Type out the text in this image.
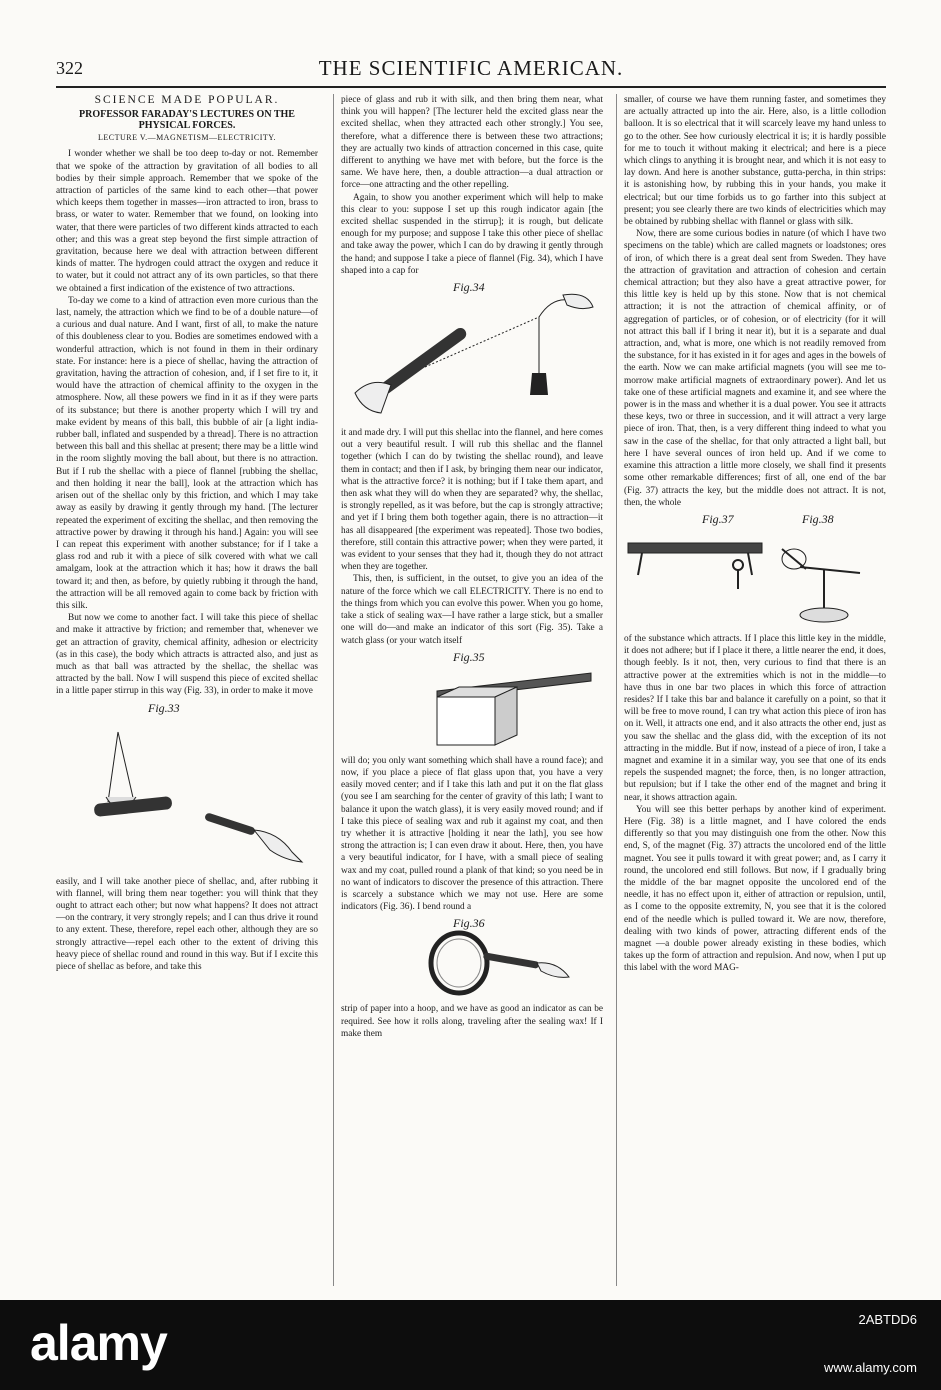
322	THE SCIENTIFIC AMERICAN.
SCIENCE MADE POPULAR.
PROFESSOR FARADAY'S LECTURES ON THE PHYSICAL FORCES.
LECTURE V.—MAGNETISM—ELECTRICITY.

I wonder whether we shall be too deep to-day or not. Remember that we spoke of the attraction by gravitation of all bodies to all bodies by their simple approach. Remember that we spoke of the attraction of particles of the same kind to each other—that power which keeps them together in masses—iron attracted to iron, brass to brass, or water to water. Remember that we found, on looking into water, that there were particles of two different kinds attracted to each other; and this was a great step beyond the first simple attraction of gravitation, because here we deal with attraction between different kinds of matter. The hydrogen could attract the oxygen and reduce it to water, but it could not attract any of its own particles, so that there we obtained a first indication of the existence of two attractions.

To-day we come to a kind of attraction even more curious than the last, namely, the attraction which we find to be of a double nature—of a curious and dual nature. And I want, first of all, to make the nature of this doubleness clear to you. Bodies are sometimes endowed with a wonderful attraction, which is not found in them in their ordinary state. For instance: here is a piece of shellac, having the attraction of gravitation, having the attraction of cohesion, and, if I set fire to it, it would have the attraction of chemical affinity to the oxygen in the atmosphere. Now, all these powers we find in it as if they were parts of its substance; but there is another property which I will try and make evident by means of this ball, this bubble of air [a light india-rubber ball, inflated and suspended by a thread]. There is no attraction between this ball and this shellac at present; there may be a little wind in the room slightly moving the ball about, but there is no attraction. But if I rub the shellac with a piece of flannel [rubbing the shellac, and then holding it near the ball], look at the attraction which has arisen out of the shellac only by this friction, and which I may take away as easily by drawing it gently through my hand. [The lecturer repeated the experiment of exciting the shellac, and then removing the attractive power by drawing it through his hand.] Again: you will see I can repeat this experiment with another substance; for if I take a glass rod and rub it with a piece of silk covered with what we call amalgam, look at the attraction which it has; how it draws the ball toward it; and then, as before, by quietly rubbing it through the hand, the attraction will be all removed again to come back by friction with this silk.

But now we come to another fact. I will take this piece of shellac and make it attractive by friction; and remember that, whenever we get an attraction of gravity, chemical affinity, adhesion or electricity (as in this case), the body which attracts is attracted also, and just as much as that ball was attracted by the shellac, the shellac was attracted by the ball. Now I will suspend this piece of excited shellac in a little paper stirrup in this way (Fig. 33), in order to make it move

Fig.33

easily, and I will take another piece of shellac, and, after rubbing it with flannel, will bring them near together: you will think that they ought to attract each other; but now what happens? It does not attract—on the contrary, it very strongly repels; and I can thus drive it round to any extent. These, therefore, repel each other, although they are so strongly attractive—repel each other to the extent of driving this heavy piece of shellac round and round in this way. But if I excite this piece of shellac as before, and take this

piece of glass and rub it with silk, and then bring them near, what think you will happen? [The lecturer held the excited glass near the excited shellac, when they attracted each other strongly.] You see, therefore, what a difference there is between these two attractions; they are actually two kinds of attraction concerned in this case, quite different to anything we have met with before, but the force is the same. We have here, then, a double attraction—a dual attraction or force—one attracting and the other repelling.

Again, to show you another experiment which will help to make this clear to you: suppose I set up this rough indicator again [the excited shellac suspended in the stirrup]; it is rough, but delicate enough for my purpose; and suppose I take this other piece of shellac and take away the power, which I can do by drawing it gently through the hand; and suppose I take a piece of flannel (Fig. 34), which I have shaped into a cap for

Fig.34

it and made dry. I will put this shellac into the flannel, and here comes out a very beautiful result. I will rub this shellac and the flannel together (which I can do by twisting the shellac round), and leave them in contact; and then if I ask, by bringing them near our indicator, what is the attractive force? it is nothing; but if I take them apart, and then ask what they will do when they are separated? why, the shellac, is strongly repelled, as it was before, but the cap is strongly attractive; and yet if I bring them both together again, there is no attraction—it has all disappeared [the experiment was repeated]. Those two bodies, therefore, still contain this attractive power; when they were parted, it was evident to your senses that they had it, though they do not attract when they are together.

This, then, is sufficient, in the outset, to give you an idea of the nature of the force which we call ELECTRICITY. There is no end to the things from which you can evolve this power. When you go home, take a stick of sealing wax—I have rather a large stick, but a smaller one will do—and make an indicator of this sort (Fig. 35). Take a watch glass (or your watch itself

Fig.35

will do; you only want something which shall have a round face); and now, if you place a piece of flat glass upon that, you have a very easily moved center; and if I take this lath and put it on the flat glass (you see I am searching for the center of gravity of this lath; I want to balance it upon the watch glass), it is very easily moved round; and if I take this piece of sealing wax and rub it against my coat, and then try whether it is attractive [holding it near the lath], you see how strong the attraction is; I can even draw it about. Here, then, you have a very beautiful indicator, for I have, with a small piece of sealing wax and my coat, pulled round a plank of that kind; so you need be in no want of indicators to discover the presence of this attraction. There is scarcely a substance which we may not use. Here are some indicators (Fig. 36). I bend round a

Fig.36

strip of paper into a hoop, and we have as good an indicator as can be required. See how it rolls along, traveling after the sealing wax! If I make them

smaller, of course we have them running faster, and sometimes they are actually attracted up into the air. Here, also, is a little collodion balloon. It is so electrical that it will scarcely leave my hand unless to go to the other. See how curiously electrical it is; it is hardly possible for me to touch it without making it electrical; and here is a piece which clings to anything it is brought near, and which it is not easy to lay down. And here is another substance, gutta-percha, in thin strips: it is astonishing how, by rubbing this in your hands, you make it electrical; but our time forbids us to go farther into this subject at present; you see clearly there are two kinds of electricities which may be obtained by rubbing shellac with flannel or glass with silk.

Now, there are some curious bodies in nature (of which I have two specimens on the table) which are called magnets or loadstones; ores of iron, of which there is a great deal sent from Sweden. They have the attraction of gravitation and attraction of cohesion and certain chemical attraction; but they also have a great attractive power, for this little key is held up by this stone. Now that is not chemical attraction; it is not the attraction of chemical affinity, or of aggregation of particles, or of cohesion, or of electricity (for it will not attract this ball if I bring it near it), but it is a separate and dual attraction, and, what is more, one which is not readily removed from the substance, for it has existed in it for ages and ages in the bowels of the earth. Now we can make artificial magnets (you will see me to-morrow make artificial magnets of extraordinary power). And let us take one of these artificial magnets and examine it, and see where the power is in the mass and whether it is a dual power. You see it attracts these keys, two or three in succession, and it will attract a very large piece of iron. That, then, is a very different thing indeed to what you saw in the case of the shellac, for that only attracted a light ball, but here I have several ounces of iron held up. And if we come to examine this attraction a little more closely, we shall find it presents some other remarkable differences; first of all, one end of the bar (Fig. 37) attracts the key, but the middle does not attract. It is not, then, the whole

Fig.37	Fig.38

of the substance which attracts. If I place this little key in the middle, it does not adhere; but if I place it there, a little nearer the end, it does, though feebly. Is it not, then, very curious to find that there is an attractive power at the extremities which is not in the middle—to have thus in one bar two places in which this force of attraction resides? If I take this bar and balance it carefully on a point, so that it will be free to move round, I can try what action this piece of iron has on it. Well, it attracts one end, and it also attracts the other end, just as you saw the shellac and the glass did, with the exception of its not attracting in the middle. But if now, instead of a piece of iron, I take a magnet and examine it in a similar way, you see that one of its ends repels the suspended magnet; the force, then, is no longer attraction, but repulsion; but if I take the other end of the magnet and bring it near, it shows attraction again.

You will see this better perhaps by another kind of experiment. Here (Fig. 38) is a little magnet, and I have colored the ends differently so that you may distinguish one from the other. Now this end, S, of the magnet (Fig. 37) attracts the uncolored end of the little magnet. You see it pulls toward it with great power; and, as I carry it round, the uncolored end still follows. But now, if I gradually bring the middle of the bar magnet opposite the uncolored end of the needle, it has no effect upon it, either of attraction or repulsion, until, as I come to the opposite extremity, N, you see that it is the colored end of the needle which is pulled toward it. We are now, therefore, dealing with two kinds of power, attracting different ends of the magnet —a double power already existing in these bodies, which takes up the form of attraction and repulsion. And now, when I put up this label with the word MAG-

alamy	2ABTDD6
www.alamy.com
